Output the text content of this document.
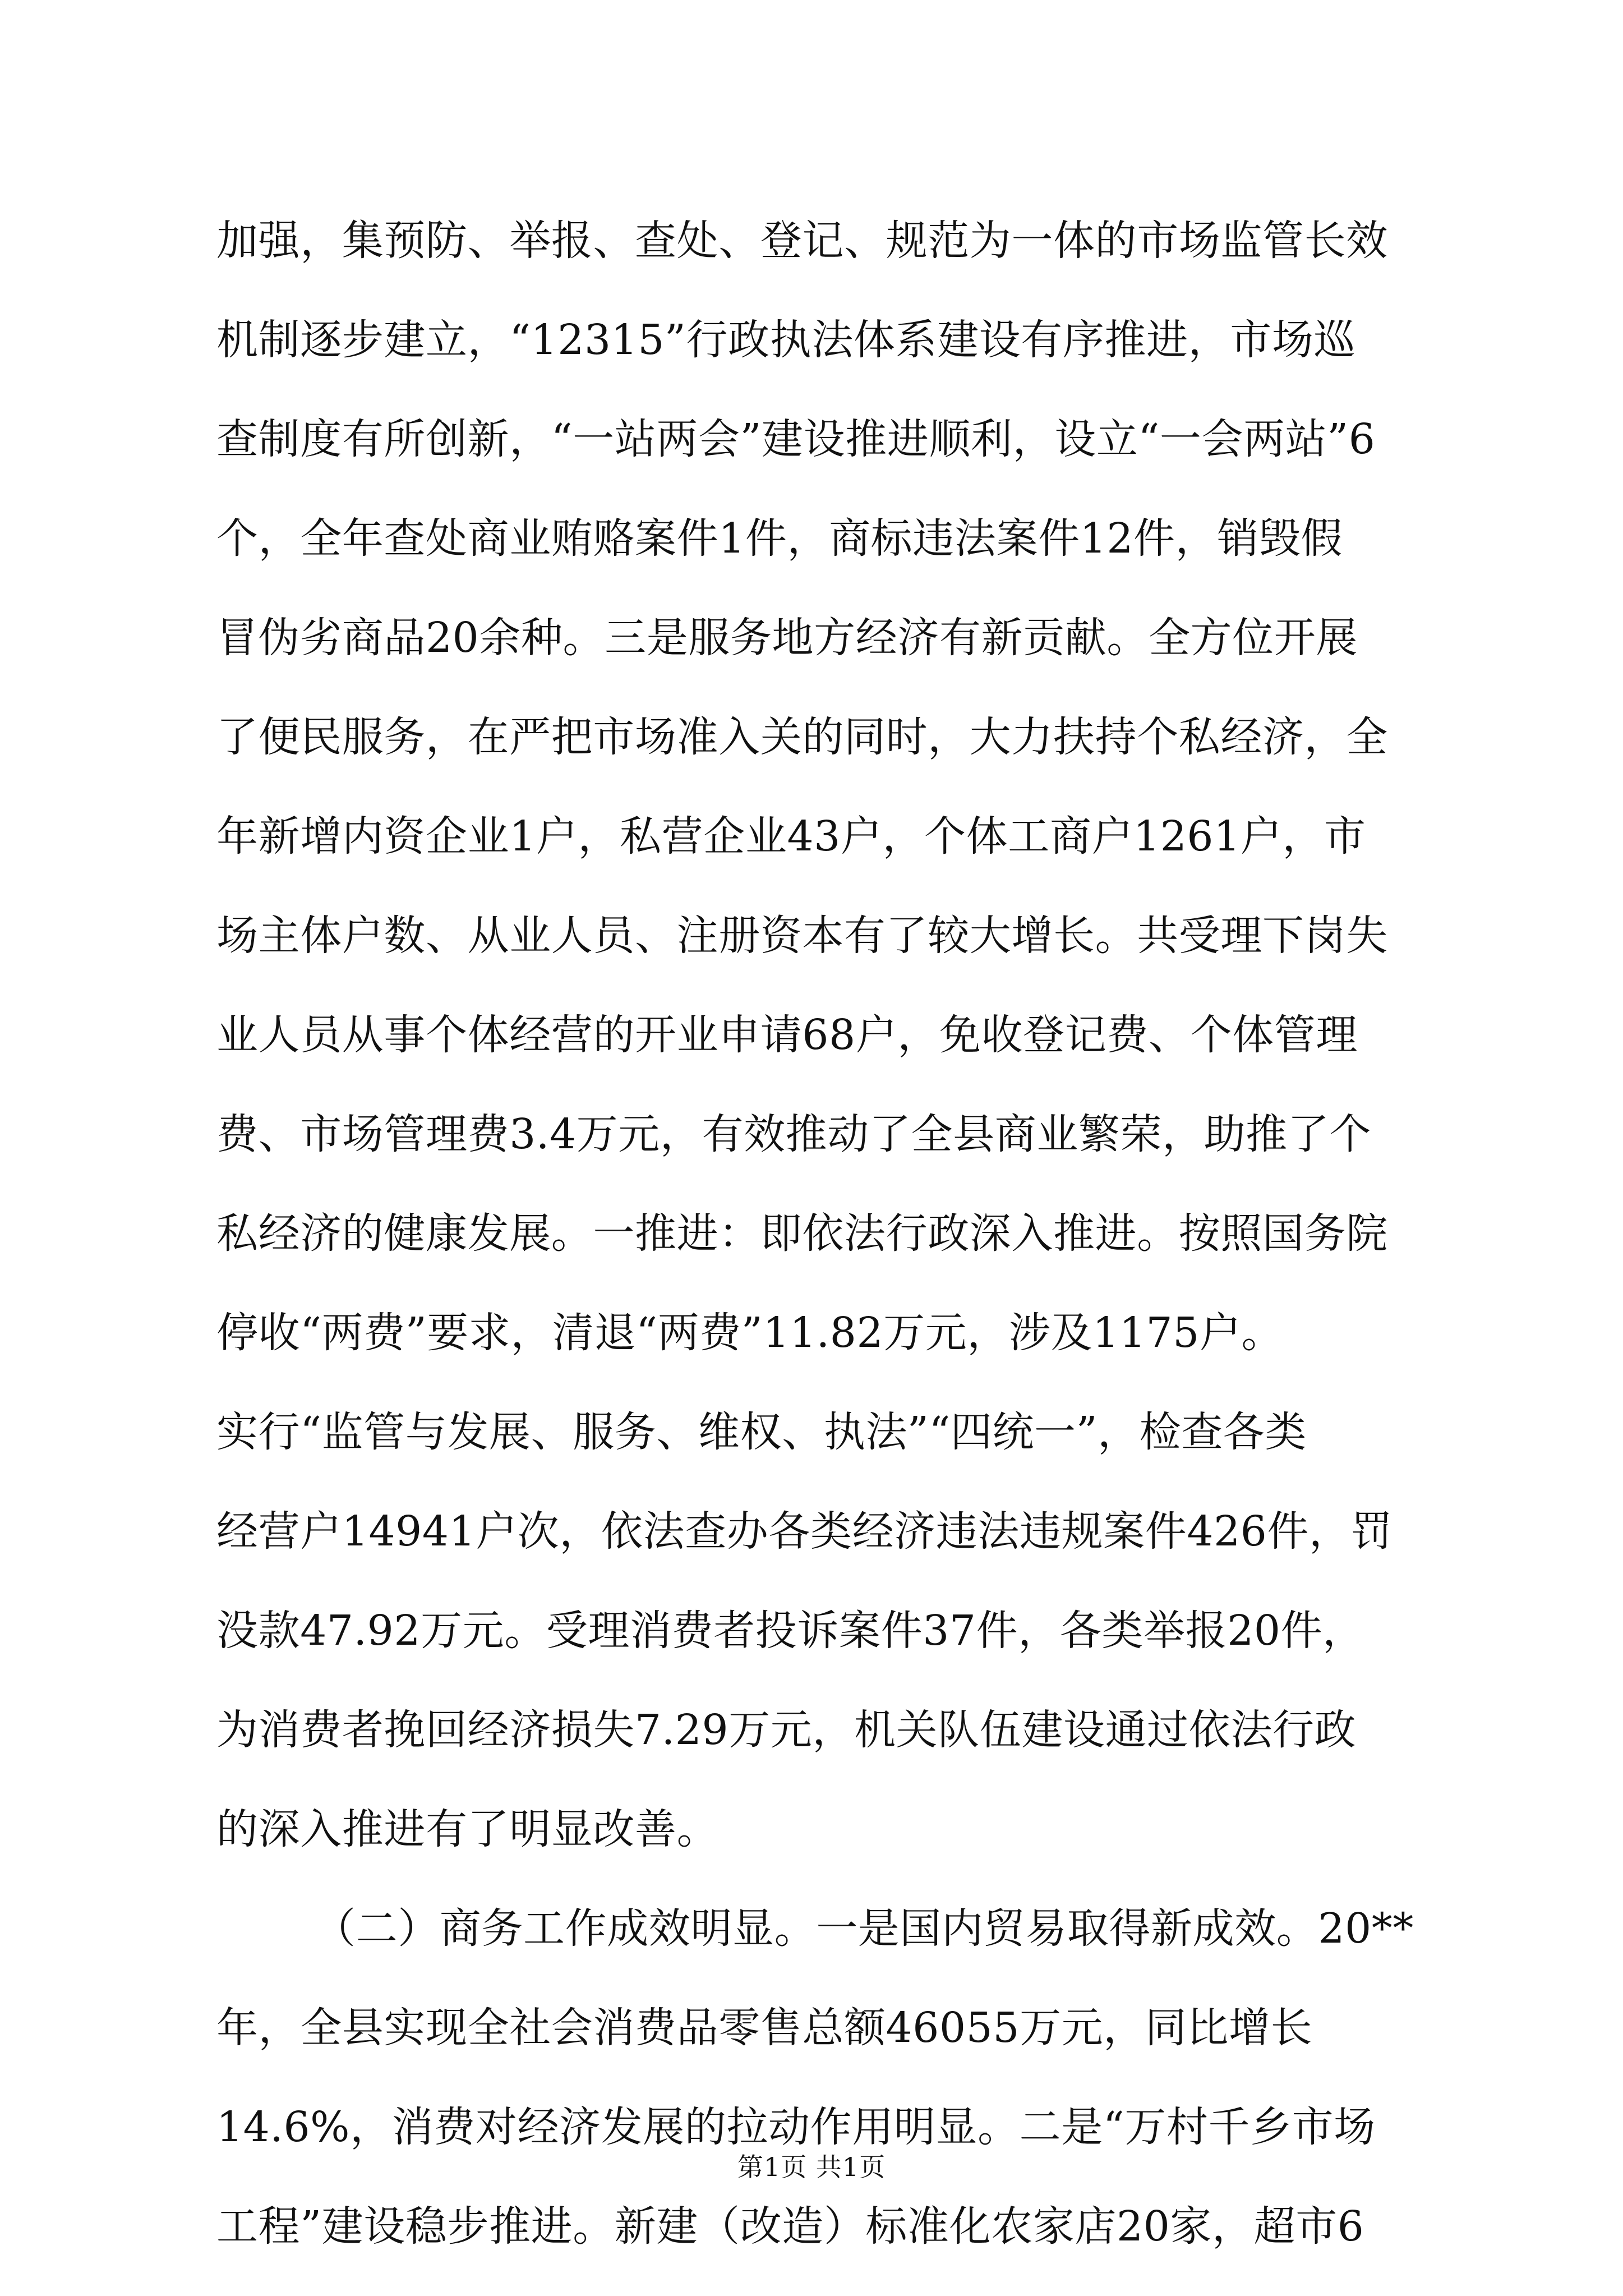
加强，集预防、举报、查处、登记、规范为一体的市场监管长效
机制逐步建立，“12315”行政执法体系建设有序推进，市场巡
查制度有所创新，“一站两会”建设推进顺利，设立“一会两站”6
个，全年查处商业贿赂案件1件，商标违法案件12件，销毁假
冒伪劣商品20余种。三是服务地方经济有新贡献。全方位开展
了便民服务，在严把市场准入关的同时，大力扶持个私经济，全
年新增内资企业1户，私营企业43户，个体工商户1261户，市
场主体户数、从业人员、注册资本有了较大增长。共受理下岗失
业人员从事个体经营的开业申请68户，免收登记费、个体管理
费、市场管理费3.4万元，有效推动了全县商业繁荣，助推了个
私经济的健康发展。一推进：即依法行政深入推进。按照国务院
停收“两费”要求，清退“两费”11.82万元，涉及1175户。
实行“监管与发展、服务、维权、执法”“四统一”，检查各类
经营户14941户次，依法查办各类经济违法违规案件426件，罚
没款47.92万元。受理消费者投诉案件37件，各类举报20件，
为消费者挽回经济损失7.29万元，机关队伍建设通过依法行政
的深入推进有了明显改善。
（二）商务工作成效明显。一是国内贸易取得新成效。20**
年，全县实现全社会消费品零售总额46055万元，同比增长
14.6%，消费对经济发展的拉动作用明显。二是“万村千乡市场
工程”建设稳步推进。新建（改造）标准化农家店20家，超市6
第1页 共1页
